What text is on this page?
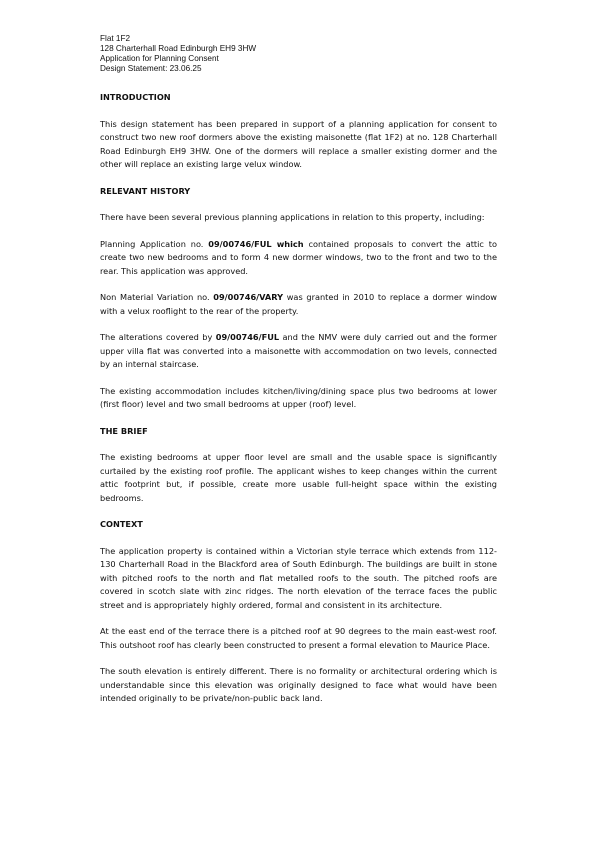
Flat 1F2
128 Charterhall Road Edinburgh EH9 3HW
Application for Planning Consent
Design Statement: 23.06.25
INTRODUCTION

This design statement has been prepared in support of a planning application for consent to construct two new roof dormers above the existing maisonette (flat 1F2) at no. 128 Charterhall Road Edinburgh EH9 3HW. One of the dormers will replace a smaller existing dormer and the other will replace an existing large velux window.

RELEVANT HISTORY

There have been several previous planning applications in relation to this property, including:

Planning Application no. 09/00746/FUL which contained proposals to convert the attic to create two new bedrooms and to form 4 new dormer windows, two to the front and two to the rear. This application was approved.

Non Material Variation no. 09/00746/VARY was granted in 2010 to replace a dormer window with a velux rooflight to the rear of the property.

The alterations covered by 09/00746/FUL and the NMV were duly carried out and the former upper villa flat was converted into a maisonette with accommodation on two levels, connected by an internal staircase.

The existing accommodation includes kitchen/living/dining space plus two bedrooms at lower (first floor) level and two small bedrooms at upper (roof) level.

THE BRIEF

The existing bedrooms at upper floor level are small and the usable space is significantly curtailed by the existing roof profile. The applicant wishes to keep changes within the current attic footprint but, if possible, create more usable full-height space within the existing bedrooms.

CONTEXT

The application property is contained within a Victorian style terrace which extends from 112-130 Charterhall Road in the Blackford area of South Edinburgh. The buildings are built in stone with pitched roofs to the north and flat metalled roofs to the south. The pitched roofs are covered in scotch slate with zinc ridges. The north elevation of the terrace faces the public street and is appropriately highly ordered, formal and consistent in its architecture.

At the east end of the terrace there is a pitched roof at 90 degrees to the main east-west roof. This outshoot roof has clearly been constructed to present a formal elevation to Maurice Place.

The south elevation is entirely different. There is no formality or architectural ordering which is understandable since this elevation was originally designed to face what would have been intended originally to be private/non-public back land.
